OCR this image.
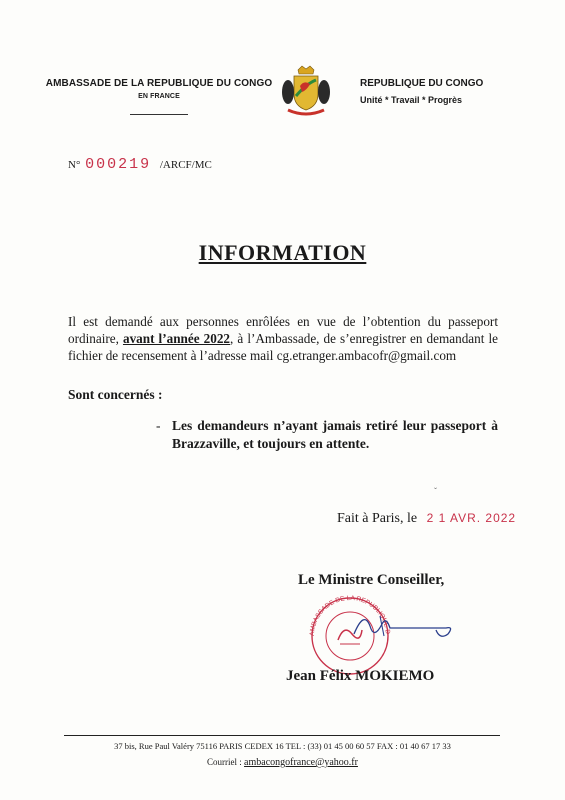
AMBASSADE DE LA REPUBLIQUE DU CONGO
EN FRANCE
REPUBLIQUE DU CONGO
Unité * Travail * Progrès
N° 000219 /ARCF/MC
INFORMATION
Il est demandé aux personnes enrôlées en vue de l’obtention du passeport ordinaire, avant l’année 2022, à l’Ambassade, de s’enregistrer en demandant le fichier de recensement à l’adresse mail cg.etranger.ambacofr@gmail.com
Sont concernés :
- Les demandeurs n’ayant jamais retiré leur passeport à Brazzaville, et toujours en attente.
ˇ
Fait à Paris, le 2 1 AVR. 2022
Le Ministre Conseiller,
AMBASSADE DE LA REPUBLIQUE D
Jean Félix MOKIEMO
37 bis, Rue Paul Valéry 75116 PARIS CEDEX 16 TEL : (33) 01 45 00 60 57 FAX : 01 40 67 17 33
Courriel : ambacongofrance@yahoo.fr
